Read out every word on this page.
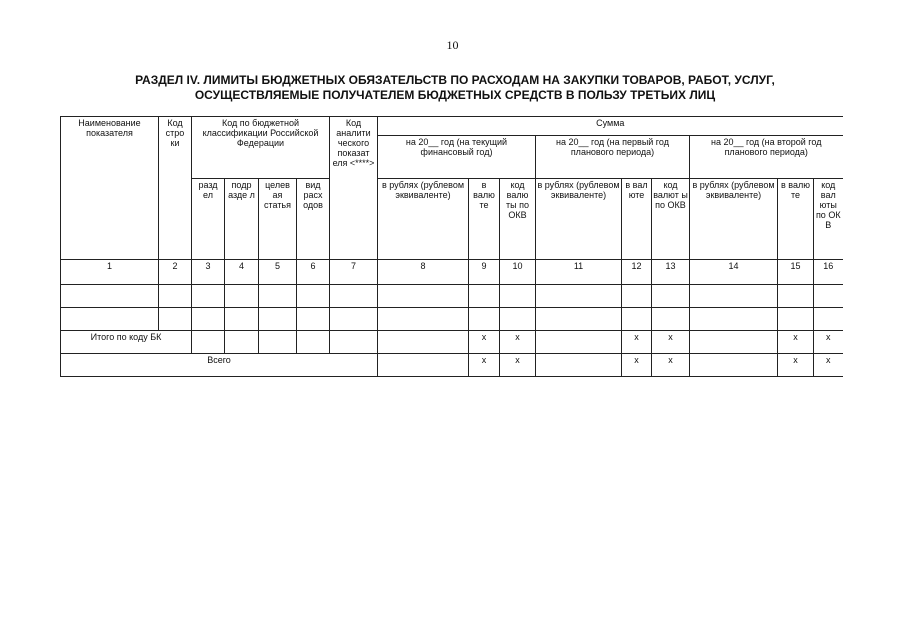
10
РАЗДЕЛ IV. ЛИМИТЫ БЮДЖЕТНЫХ ОБЯЗАТЕЛЬСТВ ПО РАСХОДАМ НА ЗАКУПКИ ТОВАРОВ, РАБОТ, УСЛУГ,
ОСУЩЕСТВЛЯЕМЫЕ ПОЛУЧАТЕЛЕМ БЮДЖЕТНЫХ СРЕДСТВ В ПОЛЬЗУ ТРЕТЬИХ ЛИЦ
Наименование показателя	Код стро ки	Код по бюджетной классификации Российской Федерации				Код аналити ческого показат еля <****>	Сумма								
							на 20__ год (на текущий финансовый год)			на 20__ год (на первый год планового периода)			на 20__ год (на второй год планового периода)		
		разд ел	подр азде л	целев ая статья	вид расх одов		в рублях (рублевом эквиваленте)	в валю те	код валю ты по ОКВ	в рублях (рублевом эквиваленте)	в вал юте	код валют ы по ОКВ	в рублях (рублевом эквиваленте)	в валю те	код вал юты по ОК В
1	2	3	4	5	6	7	8	9	10	11	12	13	14	15	16

Итого по коду БК								x	x		x	x		x	x
Всего								x	x		x	x		x	x
